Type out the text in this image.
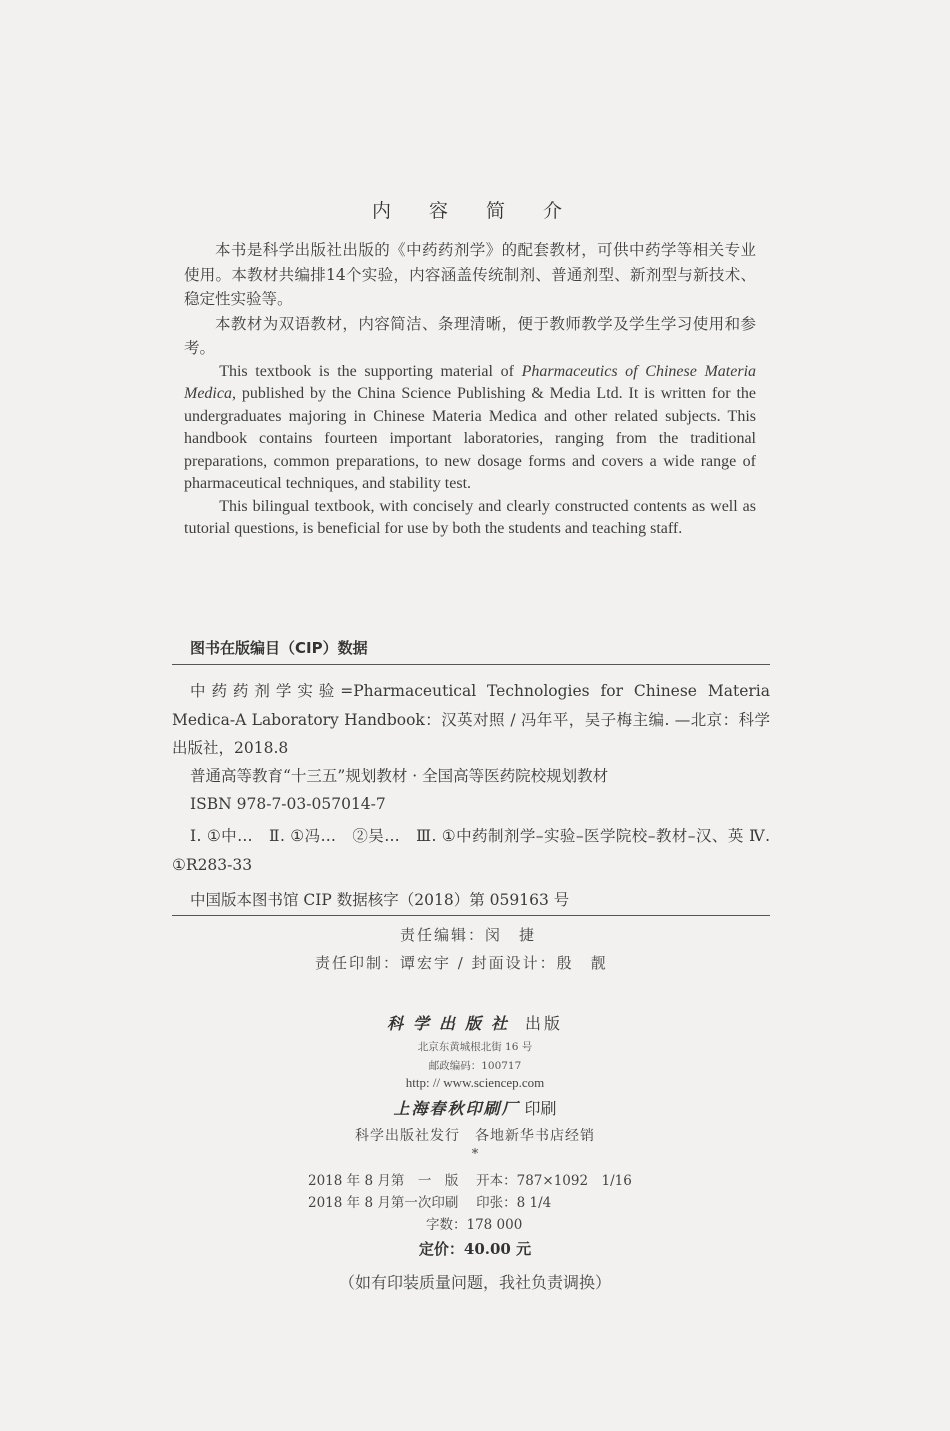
内 容 简 介

本书是科学出版社出版的《中药药剂学》的配套教材，可供中药学等相关专业使用。本教材共编排14个实验，内容涵盖传统制剂、普通剂型、新剂型与新技术、稳定性实验等。

本教材为双语教材，内容简洁、条理清晰，便于教师教学及学生学习使用和参考。

This textbook is the supporting material of Pharmaceutics of Chinese Materia Medica, published by the China Science Publishing & Media Ltd. It is written for the undergraduates majoring in Chinese Materia Medica and other related subjects. This handbook contains fourteen important laboratories, ranging from the traditional preparations, common preparations, to new dosage forms and covers a wide range of pharmaceutical techniques, and stability test.

This bilingual textbook, with concisely and clearly constructed contents as well as tutorial questions, is beneficial for use by both the students and teaching staff.

图书在版编目（CIP）数据

中药药剂学实验=Pharmaceutical Technologies for Chinese Materia Medica-A Laboratory Handbook：汉英对照 / 冯年平，吴子梅主编. —北京：科学出版社，2018.8

普通高等教育“十三五”规划教材 · 全国高等医药院校规划教材

ISBN 978-7-03-057014-7

Ⅰ. ①中…　Ⅱ. ①冯…　②吴…　Ⅲ. ①中药制剂学–实验–医学院校–教材–汉、英 Ⅳ. ①R283-33

中国版本图书馆 CIP 数据核字（2018）第 059163 号

责任编辑：闵　捷
责任印制：谭宏宇 / 封面设计：殷　靓
科学出版社 出版
北京东黄城根北街 16 号
邮政编码：100717
http: // www.sciencep.com
上海春秋印刷厂 印刷
科学出版社发行　各地新华书店经销
*
2018 年 8 月第　一　版　 开本：787×1092　1/16
2018 年 8 月第一次印刷　 印张：8 1/4
字数：178 000
定价：40.00 元
（如有印装质量问题，我社负责调换）
